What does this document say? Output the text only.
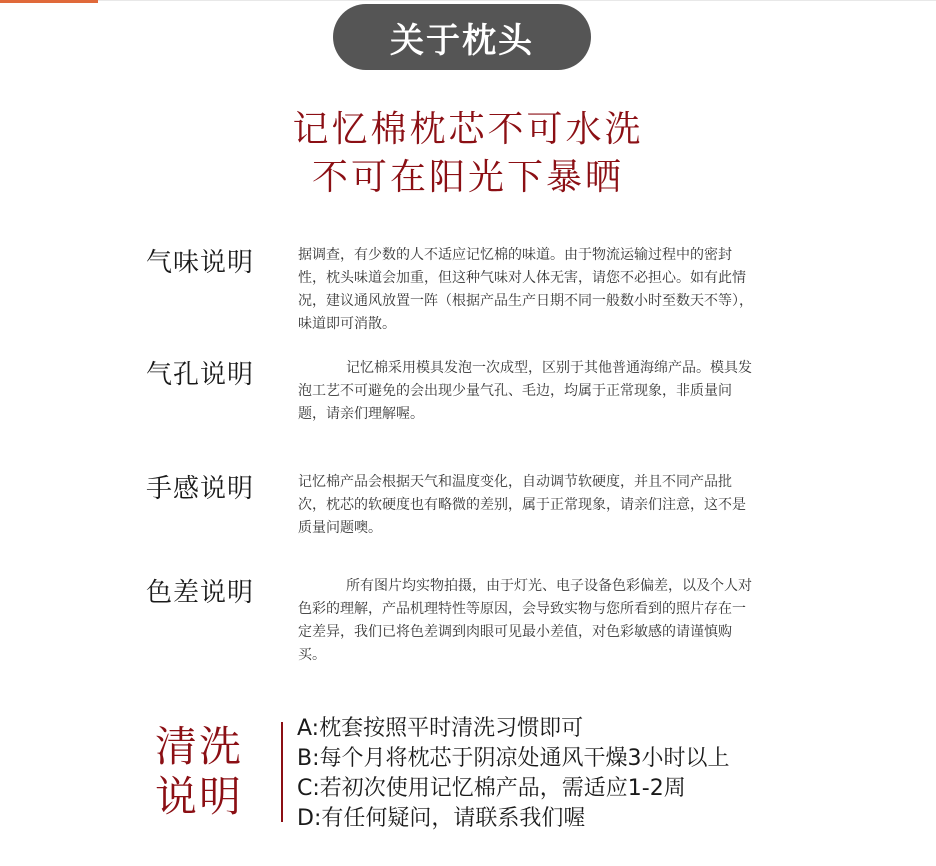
关于枕头
记忆棉枕芯不可水洗
不可在阳光下暴晒
气味说明	据调查，有少数的人不适应记忆棉的味道。由于物流运输过程中的密封性，枕头味道会加重，但这种气味对人体无害，请您不必担心。如有此情况，建议通风放置一阵（根据产品生产日期不同一般数小时至数天不等），味道即可消散。
气孔说明	记忆棉采用模具发泡一次成型，区别于其他普通海绵产品。模具发泡工艺不可避免的会出现少量气孔、毛边，均属于正常现象，非质量问题，请亲们理解喔。
手感说明	记忆棉产品会根据天气和温度变化，自动调节软硬度，并且不同产品批次，枕芯的软硬度也有略微的差别，属于正常现象，请亲们注意，这不是质量问题噢。
色差说明	所有图片均实物拍摄，由于灯光、电子设备色彩偏差，以及个人对色彩的理解，产品机理特性等原因，会导致实物与您所看到的照片存在一定差异，我们已将色差调到肉眼可见最小差值，对色彩敏感的请谨慎购买。
清洗说明
A:枕套按照平时清洗习惯即可
B:每个月将枕芯于阴凉处通风干燥3小时以上
C:若初次使用记忆棉产品，需适应1-2周
D:有任何疑问，请联系我们喔
